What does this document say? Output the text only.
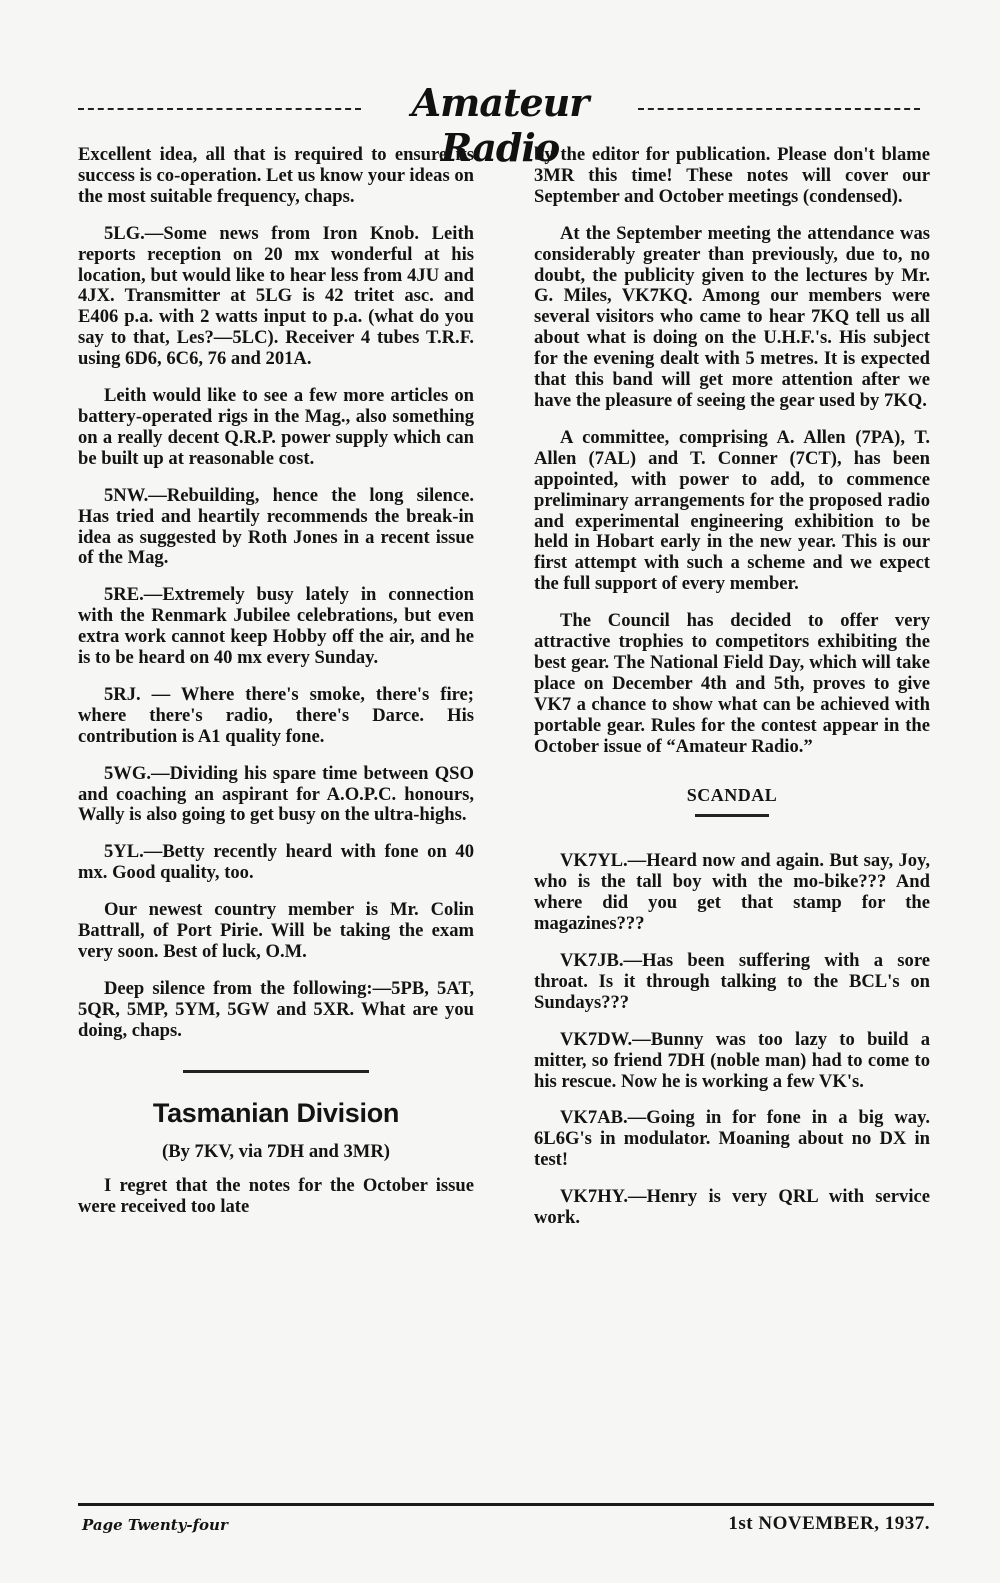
Amateur Radio

Excellent idea, all that is required to ensure its success is co-operation. Let us know your ideas on the most suitable frequency, chaps.

5LG.—Some news from Iron Knob. Leith reports reception on 20 mx wonderful at his location, but would like to hear less from 4JU and 4JX. Transmitter at 5LG is 42 tritet asc. and E406 p.a. with 2 watts input to p.a. (what do you say to that, Les?—5LC). Receiver 4 tubes T.R.F. using 6D6, 6C6, 76 and 201A.

Leith would like to see a few more articles on battery-operated rigs in the Mag., also something on a really decent Q.R.P. power supply which can be built up at reasonable cost.

5NW.—Rebuilding, hence the long silence. Has tried and heartily recommends the break-in idea as suggested by Roth Jones in a recent issue of the Mag.

5RE.—Extremely busy lately in connection with the Renmark Jubilee celebrations, but even extra work cannot keep Hobby off the air, and he is to be heard on 40 mx every Sunday.

5RJ. — Where there's smoke, there's fire; where there's radio, there's Darce. His contribution is A1 quality fone.

5WG.—Dividing his spare time between QSO and coaching an aspirant for A.O.P.C. honours, Wally is also going to get busy on the ultra-highs.

5YL.—Betty recently heard with fone on 40 mx. Good quality, too.

Our newest country member is Mr. Colin Battrall, of Port Pirie. Will be taking the exam very soon. Best of luck, O.M.

Deep silence from the following:—5PB, 5AT, 5QR, 5MP, 5YM, 5GW and 5XR. What are you doing, chaps.

Tasmanian Division
(By 7KV, via 7DH and 3MR)

I regret that the notes for the October issue were received too late

by the editor for publication. Please don't blame 3MR this time! These notes will cover our September and October meetings (condensed).

At the September meeting the attendance was considerably greater than previously, due to, no doubt, the publicity given to the lectures by Mr. G. Miles, VK7KQ. Among our members were several visitors who came to hear 7KQ tell us all about what is doing on the U.H.F.'s. His subject for the evening dealt with 5 metres. It is expected that this band will get more attention after we have the pleasure of seeing the gear used by 7KQ.

A committee, comprising A. Allen (7PA), T. Allen (7AL) and T. Conner (7CT), has been appointed, with power to add, to commence preliminary arrangements for the proposed radio and experimental engineering exhibition to be held in Hobart early in the new year. This is our first attempt with such a scheme and we expect the full support of every member.

The Council has decided to offer very attractive trophies to competitors exhibiting the best gear. The National Field Day, which will take place on December 4th and 5th, proves to give VK7 a chance to show what can be achieved with portable gear. Rules for the contest appear in the October issue of “Amateur Radio.”

SCANDAL

VK7YL.—Heard now and again. But say, Joy, who is the tall boy with the mo-bike??? And where did you get that stamp for the magazines???

VK7JB.—Has been suffering with a sore throat. Is it through talking to the BCL's on Sundays???

VK7DW.—Bunny was too lazy to build a mitter, so friend 7DH (noble man) had to come to his rescue. Now he is working a few VK's.

VK7AB.—Going in for fone in a big way. 6L6G's in modulator. Moaning about no DX in test!

VK7HY.—Henry is very QRL with service work.

Page Twenty-four	1st NOVEMBER, 1937.
